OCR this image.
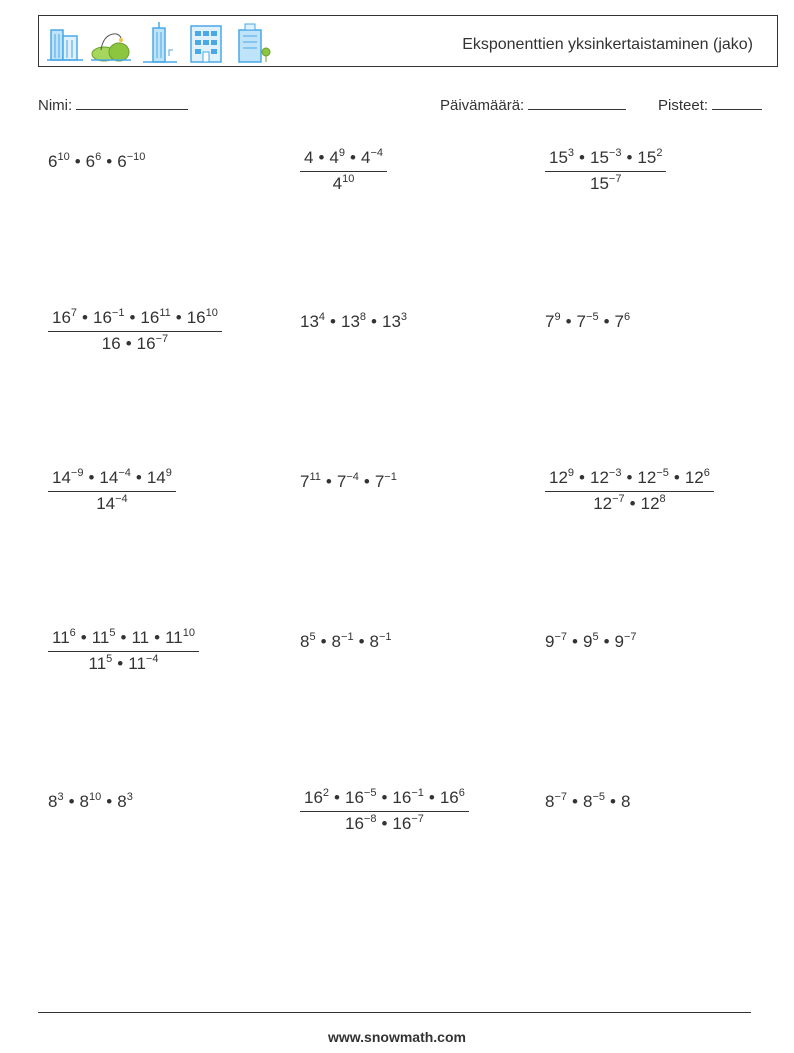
Eksponenttien yksinkertaistaminen (jako)
Nimi:	Päivämäärä:	Pisteet:
$6^{10}$ • $6^6$ • $6^{-10}$	$\frac{4 • 4^9 • 4^{-4}}{4^{10}}$	$\frac{15^3 • 15^{-3} • 15^2}{15^{-7}}$
$\frac{16^7 • 16^{-1} • 16^{11} • 16^{10}}{16 • 16^{-7}}$	$13^4$ • $13^8$ • $13^3$	$7^9$ • $7^{-5}$ • $7^6$
$\frac{14^{-9} • 14^{-4} • 14^9}{14^{-4}}$	$7^{11}$ • $7^{-4}$ • $7^{-1}$	$\frac{12^9 • 12^{-3} • 12^{-5} • 12^6}{12^{-7} • 12^8}$
$\frac{11^6 • 11^5 • 11 • 11^{10}}{11^5 • 11^{-4}}$	$8^5$ • $8^{-1}$ • $8^{-1}$	$9^{-7}$ • $9^5$ • $9^{-7}$
$8^3$ • $8^{10}$ • $8^3$	$\frac{16^2 • 16^{-5} • 16^{-1} • 16^6}{16^{-8} • 16^{-7}}$	$8^{-7}$ • $8^{-5}$ • 8
www.snowmath.com
